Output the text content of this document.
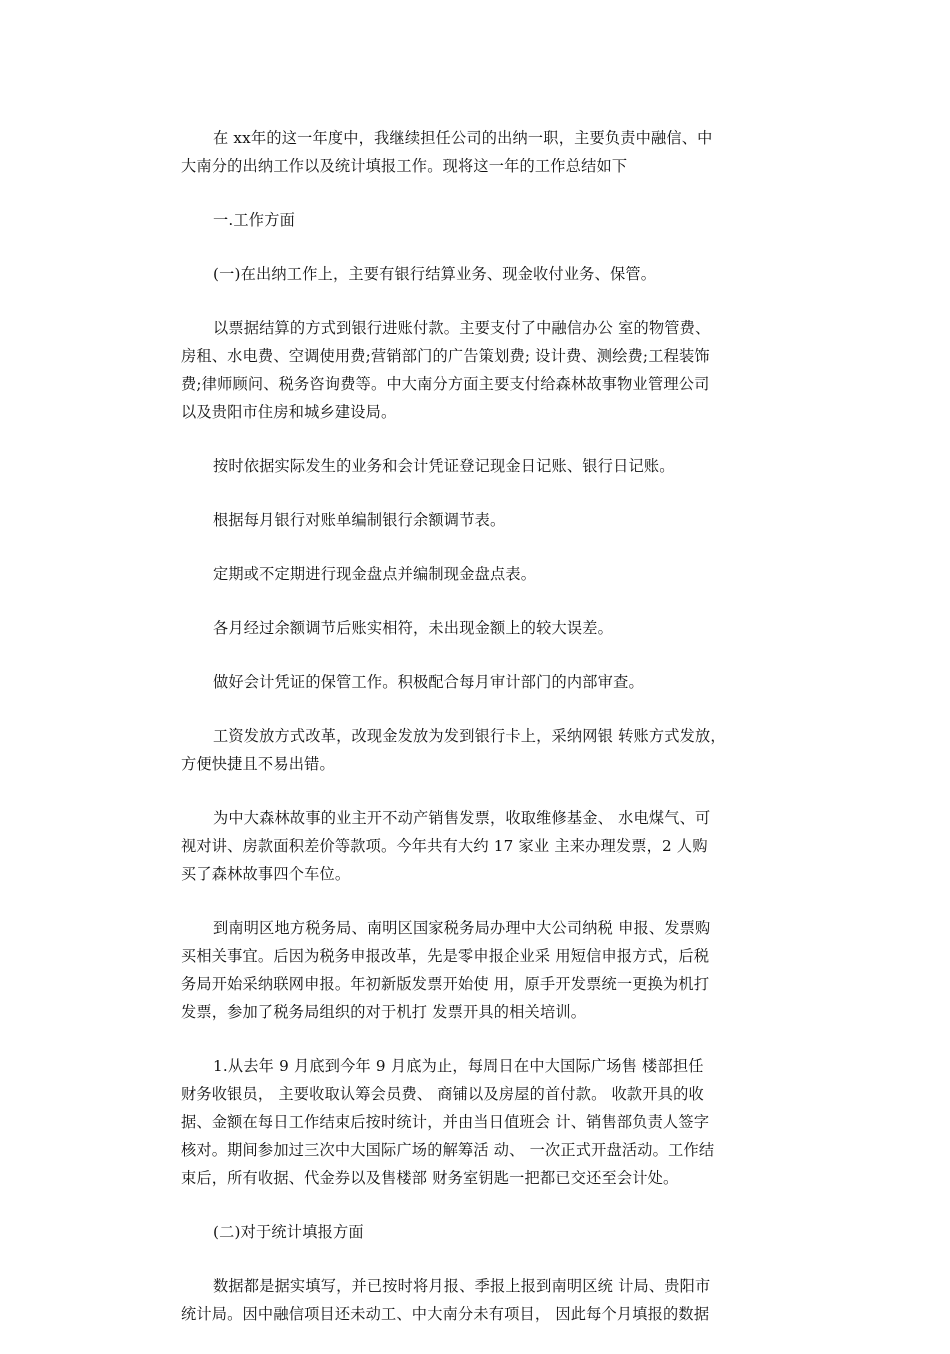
在 xx年的这一年度中，我继续担任公司的出纳一职，主要负责中融信、中
大南分的出纳工作以及统计填报工作。现将这一年的工作总结如下

一.工作方面

(一)在出纳工作上，主要有银行结算业务、现金收付业务、保管。

以票据结算的方式到银行进账付款。主要支付了中融信办公 室的物管费、
房租、水电费、空调使用费;营销部门的广告策划费; 设计费、测绘费;工程装饰
费;律师顾问、税务咨询费等。中大南分方面主要支付给森林故事物业管理公司
以及贵阳市住房和城乡建设局。

按时依据实际发生的业务和会计凭证登记现金日记账、银行日记账。

根据每月银行对账单编制银行余额调节表。

定期或不定期进行现金盘点并编制现金盘点表。

各月经过余额调节后账实相符，未出现金额上的较大误差。

做好会计凭证的保管工作。积极配合每月审计部门的内部审查。

工资发放方式改革，改现金发放为发到银行卡上，采纳网银 转账方式发放，
方便快捷且不易出错。

为中大森林故事的业主开不动产销售发票，收取维修基金、 水电煤气、可
视对讲、房款面积差价等款项。今年共有大约 17 家业 主来办理发票，2 人购
买了森林故事四个车位。

到南明区地方税务局、南明区国家税务局办理中大公司纳税 申报、发票购
买相关事宜。后因为税务申报改革，先是零申报企业采 用短信申报方式，后税
务局开始采纳联网申报。年初新版发票开始使 用，原手开发票统一更换为机打
发票，参加了税务局组织的对于机打 发票开具的相关培训。

1.从去年 9 月底到今年 9 月底为止，每周日在中大国际广场售 楼部担任
财务收银员， 主要收取认筹会员费、 商铺以及房屋的首付款。 收款开具的收
据、金额在每日工作结束后按时统计，并由当日值班会 计、销售部负责人签字
核对。期间参加过三次中大国际广场的解筹活 动、 一次正式开盘活动。工作结
束后，所有收据、代金券以及售楼部 财务室钥匙一把都已交还至会计处。

(二)对于统计填报方面

数据都是据实填写，并已按时将月报、季报上报到南明区统 计局、贵阳市
统计局。因中融信项目还未动工、中大南分未有项目， 因此每个月填报的数据
